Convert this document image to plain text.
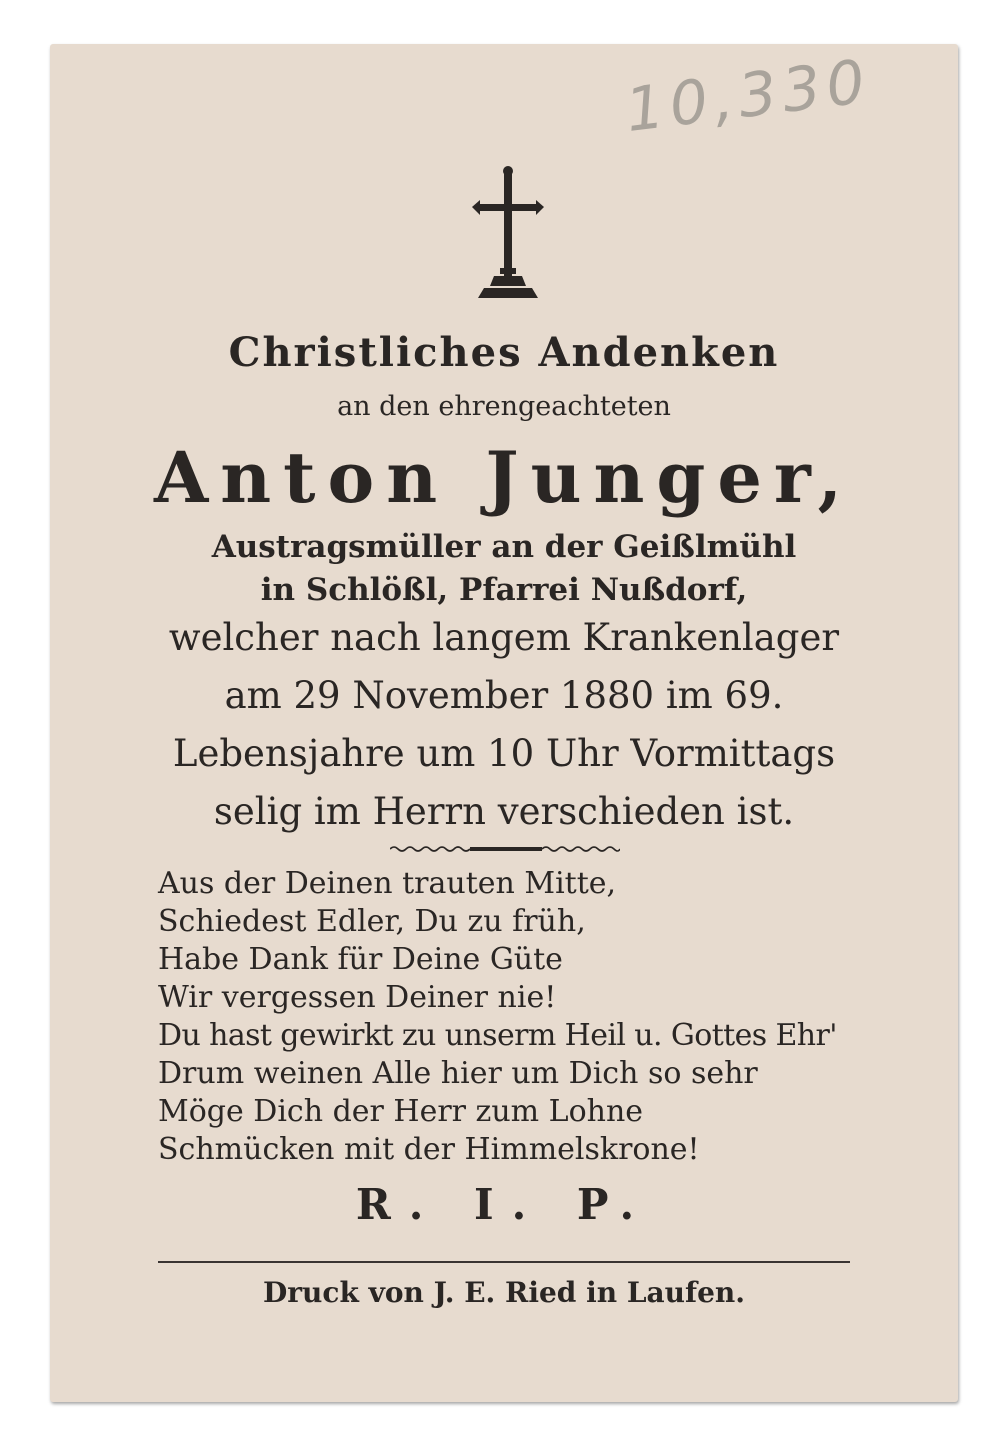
10,330
Christliches Andenken
an den ehrengeachteten
Anton Junger,
Austragsmüller an der Geißlmühl
in Schlößl, Pfarrei Nußdorf,
welcher nach langem Krankenlager
am 29 November 1880 im 69.
Lebensjahre um 10 Uhr Vormittags
selig im Herrn verschieden ist.
Aus der Deinen trauten Mitte,
Schiedest Edler, Du zu früh,
Habe Dank für Deine Güte
Wir vergessen Deiner nie!
Du hast gewirkt zu unserm Heil u. Gottes Ehr'
Drum weinen Alle hier um Dich so sehr
Möge Dich der Herr zum Lohne
Schmücken mit der Himmelskrone!
R. I. P.
Druck von J. E. Ried in Laufen.
